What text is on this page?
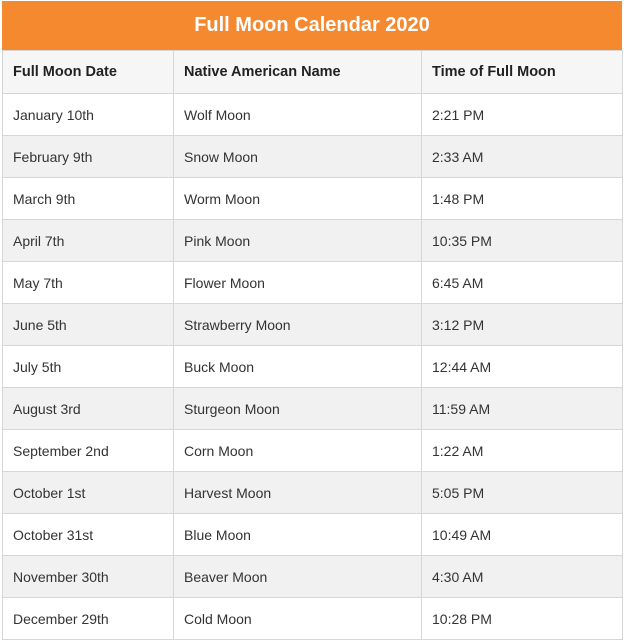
Full Moon Calendar 2020
Full Moon Date	Native American Name	Time of Full Moon
January 10th	Wolf Moon	2:21 PM
February 9th	Snow Moon	2:33 AM
March 9th	Worm Moon	1:48 PM
April 7th	Pink Moon	10:35 PM
May 7th	Flower Moon	6:45 AM
June 5th	Strawberry Moon	3:12 PM
July 5th	Buck Moon	12:44 AM
August 3rd	Sturgeon Moon	11:59 AM
September 2nd	Corn Moon	1:22 AM
October 1st	Harvest Moon	5:05 PM
October 31st	Blue Moon	10:49 AM
November 30th	Beaver Moon	4:30 AM
December 29th	Cold Moon	10:28 PM
